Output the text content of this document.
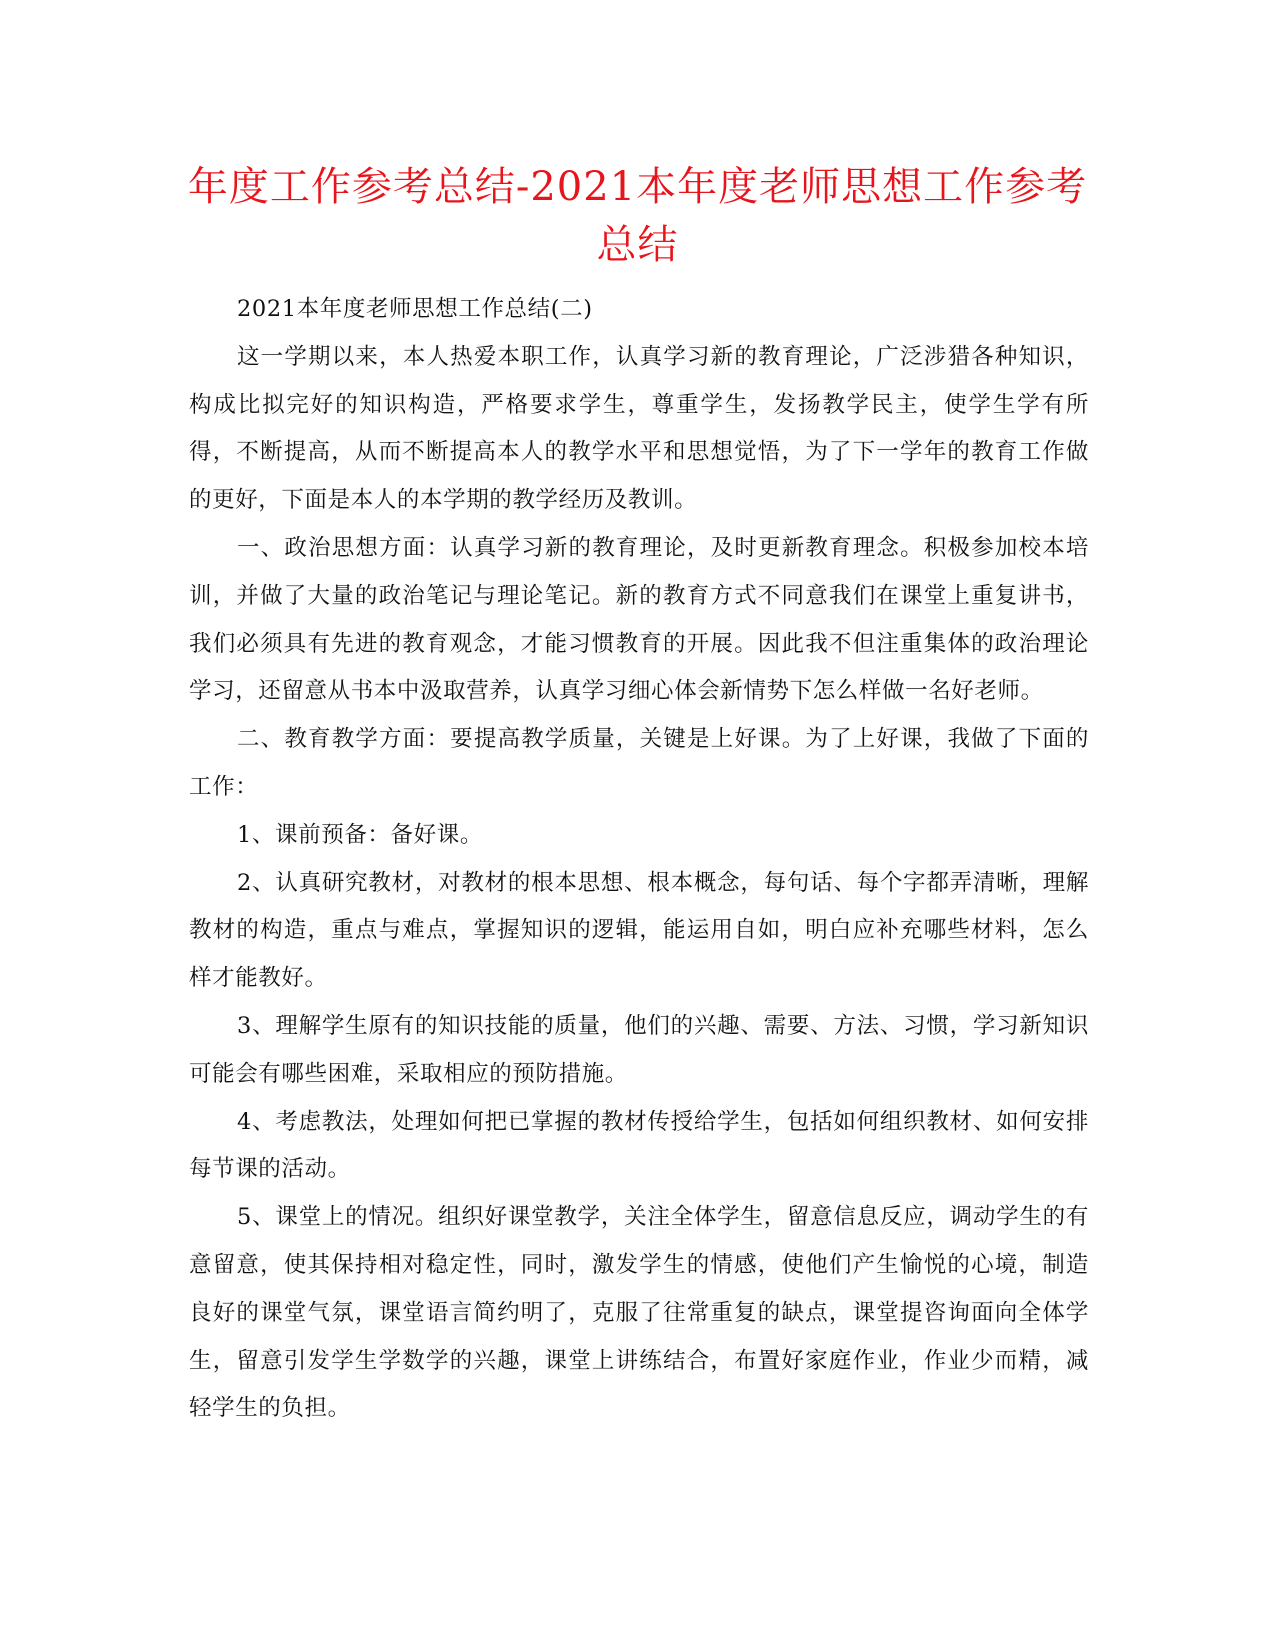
年度工作参考总结-2021本年度老师思想工作参考总结

2021本年度老师思想工作总结(二)

这一学期以来，本人热爱本职工作，认真学习新的教育理论，广泛涉猎各种知识，构成比拟完好的知识构造，严格要求学生，尊重学生，发扬教学民主，使学生学有所得，不断提高，从而不断提高本人的教学水平和思想觉悟，为了下一学年的教育工作做的更好，下面是本人的本学期的教学经历及教训。

一、政治思想方面：认真学习新的教育理论，及时更新教育理念。积极参加校本培训，并做了大量的政治笔记与理论笔记。新的教育方式不同意我们在课堂上重复讲书，我们必须具有先进的教育观念，才能习惯教育的开展。因此我不但注重集体的政治理论学习，还留意从书本中汲取营养，认真学习细心体会新情势下怎么样做一名好老师。

二、教育教学方面：要提高教学质量，关键是上好课。为了上好课，我做了下面的工作：

1、课前预备：备好课。

2、认真研究教材，对教材的根本思想、根本概念，每句话、每个字都弄清晰，理解教材的构造，重点与难点，掌握知识的逻辑，能运用自如，明白应补充哪些材料，怎么样才能教好。

3、理解学生原有的知识技能的质量，他们的兴趣、需要、方法、习惯，学习新知识可能会有哪些困难，采取相应的预防措施。

4、考虑教法，处理如何把已掌握的教材传授给学生，包括如何组织教材、如何安排每节课的活动。

5、课堂上的情况。组织好课堂教学，关注全体学生，留意信息反应，调动学生的有意留意，使其保持相对稳定性，同时，激发学生的情感，使他们产生愉悦的心境，制造良好的课堂气氛，课堂语言简约明了，克服了往常重复的缺点，课堂提咨询面向全体学生，留意引发学生学数学的兴趣，课堂上讲练结合，布置好家庭作业，作业少而精，减轻学生的负担。
